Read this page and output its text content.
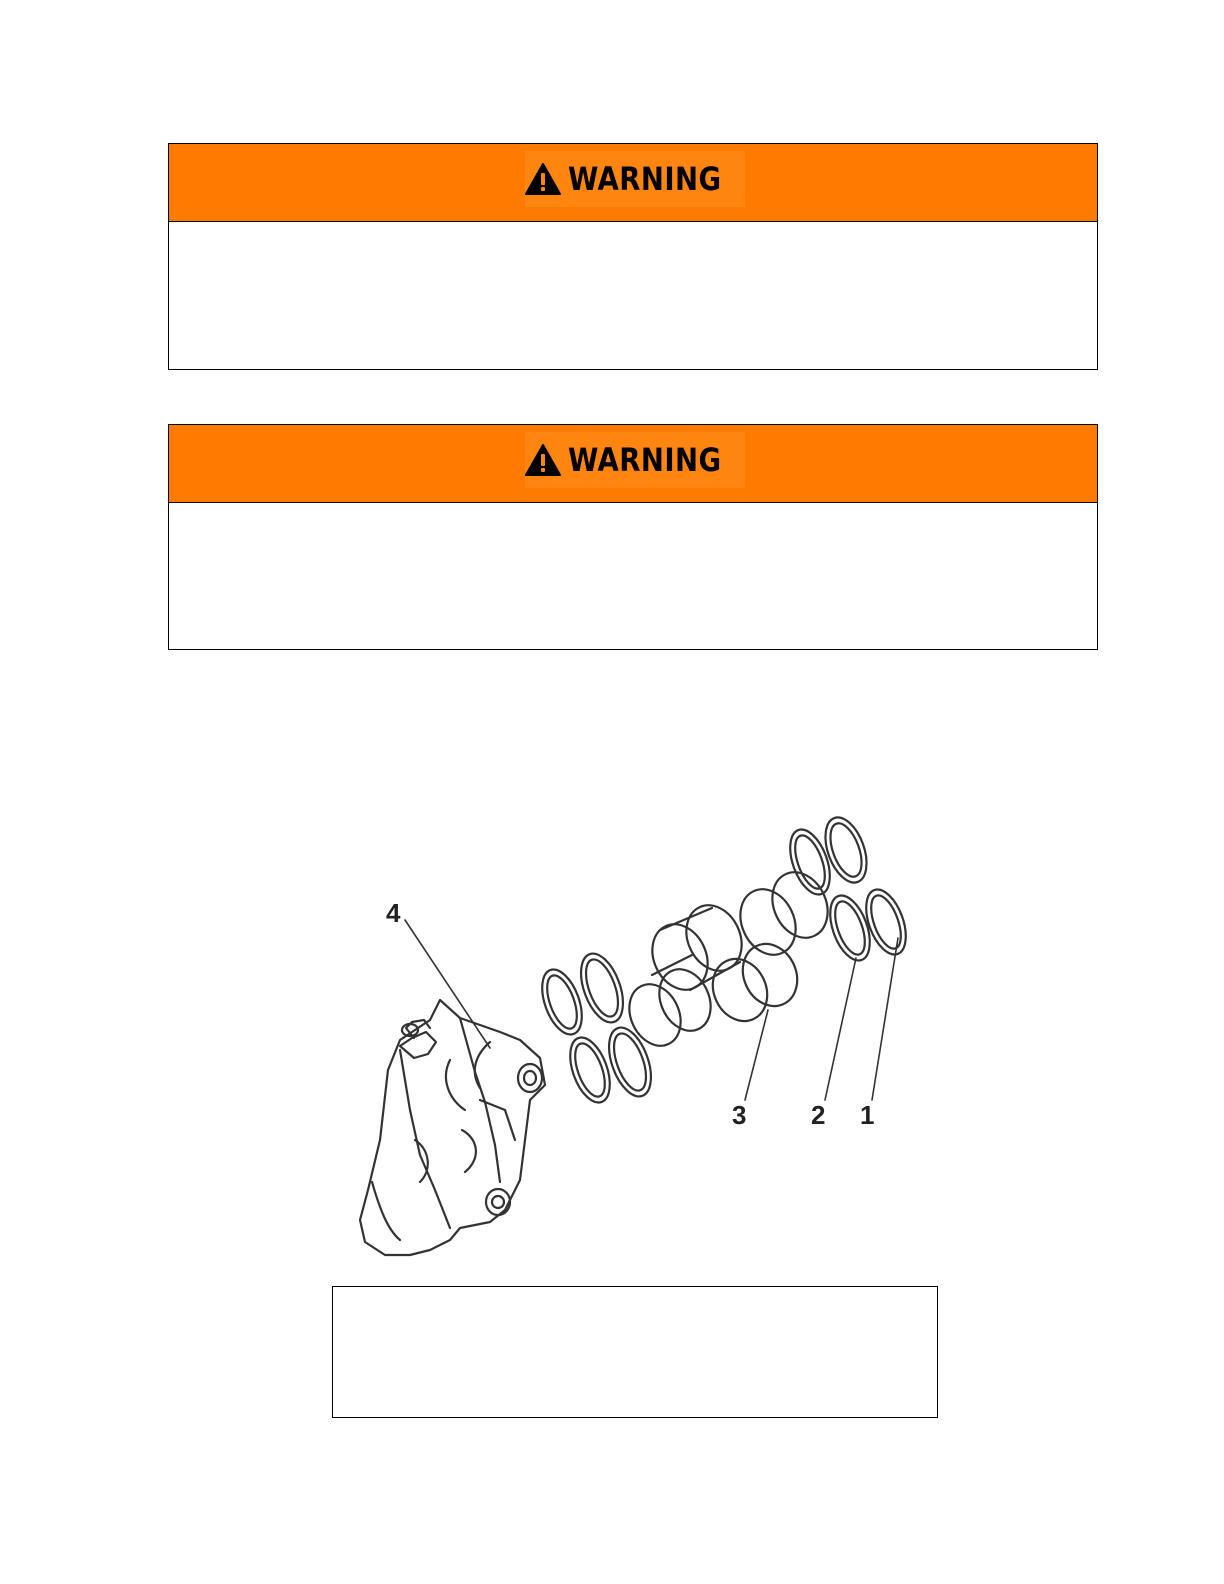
WARNING
WARNING
4
3 2 1
